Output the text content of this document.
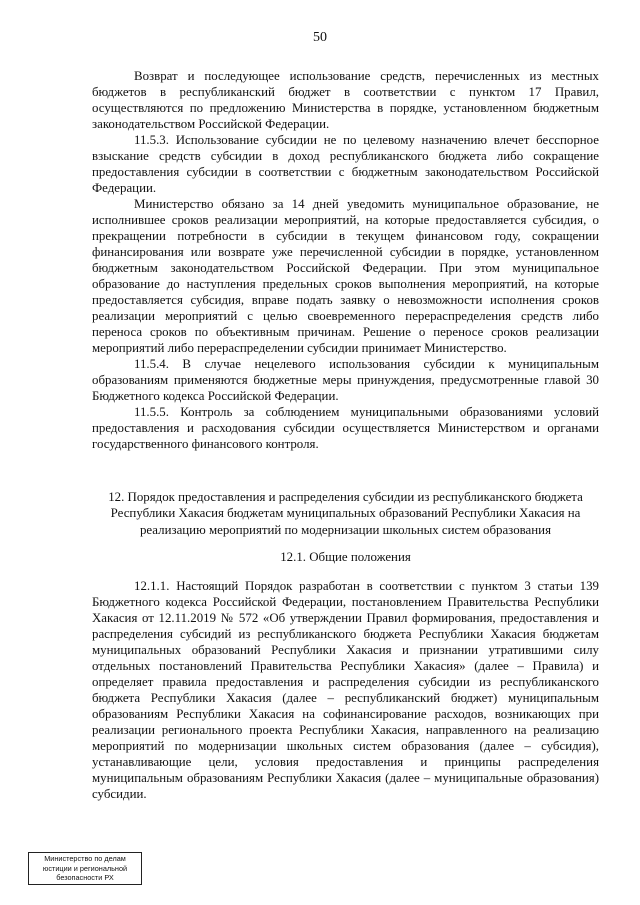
50

Возврат и последующее использование средств, перечисленных из местных бюджетов в республиканский бюджет в соответствии с пунктом 17 Правил, осуществляются по предложению Министерства в порядке, установленном бюджетным законодательством Российской Федерации.

11.5.3. Использование субсидии не по целевому назначению влечет бесспорное взыскание средств субсидии в доход республиканского бюджета либо сокращение предоставления субсидии в соответствии с бюджетным законодательством Российской Федерации.

Министерство обязано за 14 дней уведомить муниципальное образование, не исполнившее сроков реализации мероприятий, на которые предоставляется субсидия, о прекращении потребности в субсидии в текущем финансовом году, сокращении финансирования или возврате уже перечисленной субсидии в порядке, установленном бюджетным законодательством Российской Федерации. При этом муниципальное образование до наступления предельных сроков выполнения мероприятий, на которые предоставляется субсидия, вправе подать заявку о невозможности исполнения сроков реализации мероприятий с целью своевременного перераспределения средств либо переноса сроков по объективным причинам. Решение о переносе сроков реализации мероприятий либо перераспределении субсидии принимает Министерство.

11.5.4. В случае нецелевого использования субсидии к муниципальным образованиям применяются бюджетные меры принуждения, предусмотренные главой 30 Бюджетного кодекса Российской Федерации.

11.5.5. Контроль за соблюдением муниципальными образованиями условий предоставления и расходования субсидии осуществляется Министерством и органами государственного финансового контроля.

12. Порядок предоставления и распределения субсидии из республиканского бюджета Республики Хакасия бюджетам муниципальных образований Республики Хакасия на реализацию мероприятий по модернизации школьных систем образования

12.1. Общие положения

12.1.1. Настоящий Порядок разработан в соответствии с пунктом 3 статьи 139 Бюджетного кодекса Российской Федерации, постановлением Правительства Республики Хакасия от 12.11.2019 № 572 «Об утверждении Правил формирования, предоставления и распределения субсидий из республиканского бюджета Республики Хакасия бюджетам муниципальных образований Республики Хакасия и признании утратившими силу отдельных постановлений Правительства Республики Хакасия» (далее – Правила) и определяет правила предоставления и распределения субсидии из республиканского бюджета Республики Хакасия (далее – республиканский бюджет) муниципальным образованиям Республики Хакасия на софинансирование расходов, возникающих при реализации регионального проекта Республики Хакасия, направленного на реализацию мероприятий по модернизации школьных систем образования (далее – субсидия), устанавливающие цели, условия предоставления и принципы распределения муниципальным образованиям Республики Хакасия (далее – муниципальные образования) субсидии.

Министерство по делам
юстиции и региональной
безопасности РХ
